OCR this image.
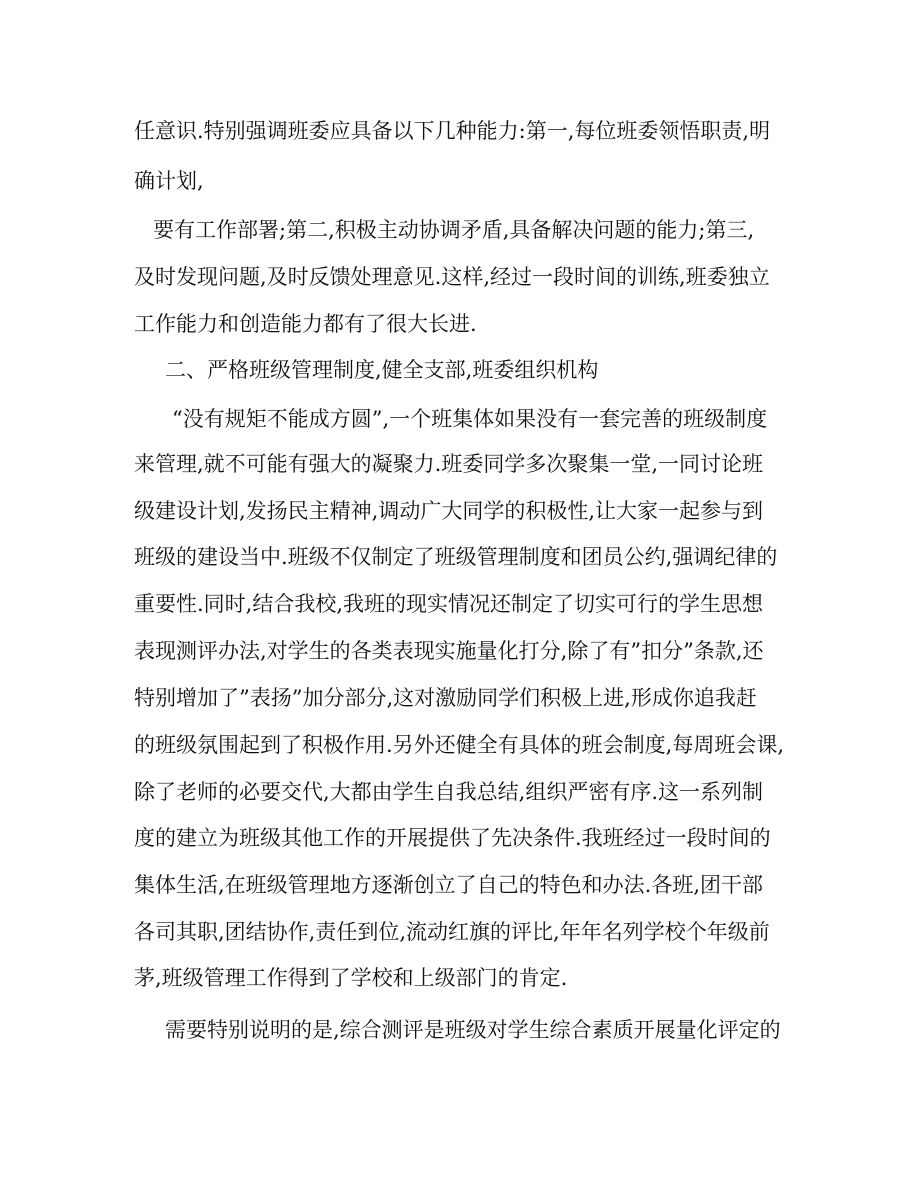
任意识.特别强调班委应具备以下几种能力:第一,每位班委领悟职责,明
确计划,
要有工作部署;第二,积极主动协调矛盾,具备解决问题的能力;第三,
及时发现问题,及时反馈处理意见.这样,经过一段时间的训练,班委独立
工作能力和创造能力都有了很大长进.
二、严格班级管理制度,健全支部,班委组织机构
“没有规矩不能成方圆”,一个班集体如果没有一套完善的班级制度
来管理,就不可能有强大的凝聚力.班委同学多次聚集一堂,一同讨论班
级建设计划,发扬民主精神,调动广大同学的积极性,让大家一起参与到
班级的建设当中.班级不仅制定了班级管理制度和团员公约,强调纪律的
重要性.同时,结合我校,我班的现实情况还制定了切实可行的学生思想
表现测评办法,对学生的各类表现实施量化打分,除了有”扣分”条款,还
特别增加了”表扬”加分部分,这对激励同学们积极上进,形成你追我赶
的班级氛围起到了积极作用.另外还健全有具体的班会制度,每周班会课,
除了老师的必要交代,大都由学生自我总结,组织严密有序.这一系列制
度的建立为班级其他工作的开展提供了先决条件.我班经过一段时间的
集体生活,在班级管理地方逐渐创立了自己的特色和办法.各班,团干部
各司其职,团结协作,责任到位,流动红旗的评比,年年名列学校个年级前
茅,班级管理工作得到了学校和上级部门的肯定.
需要特别说明的是,综合测评是班级对学生综合素质开展量化评定的
